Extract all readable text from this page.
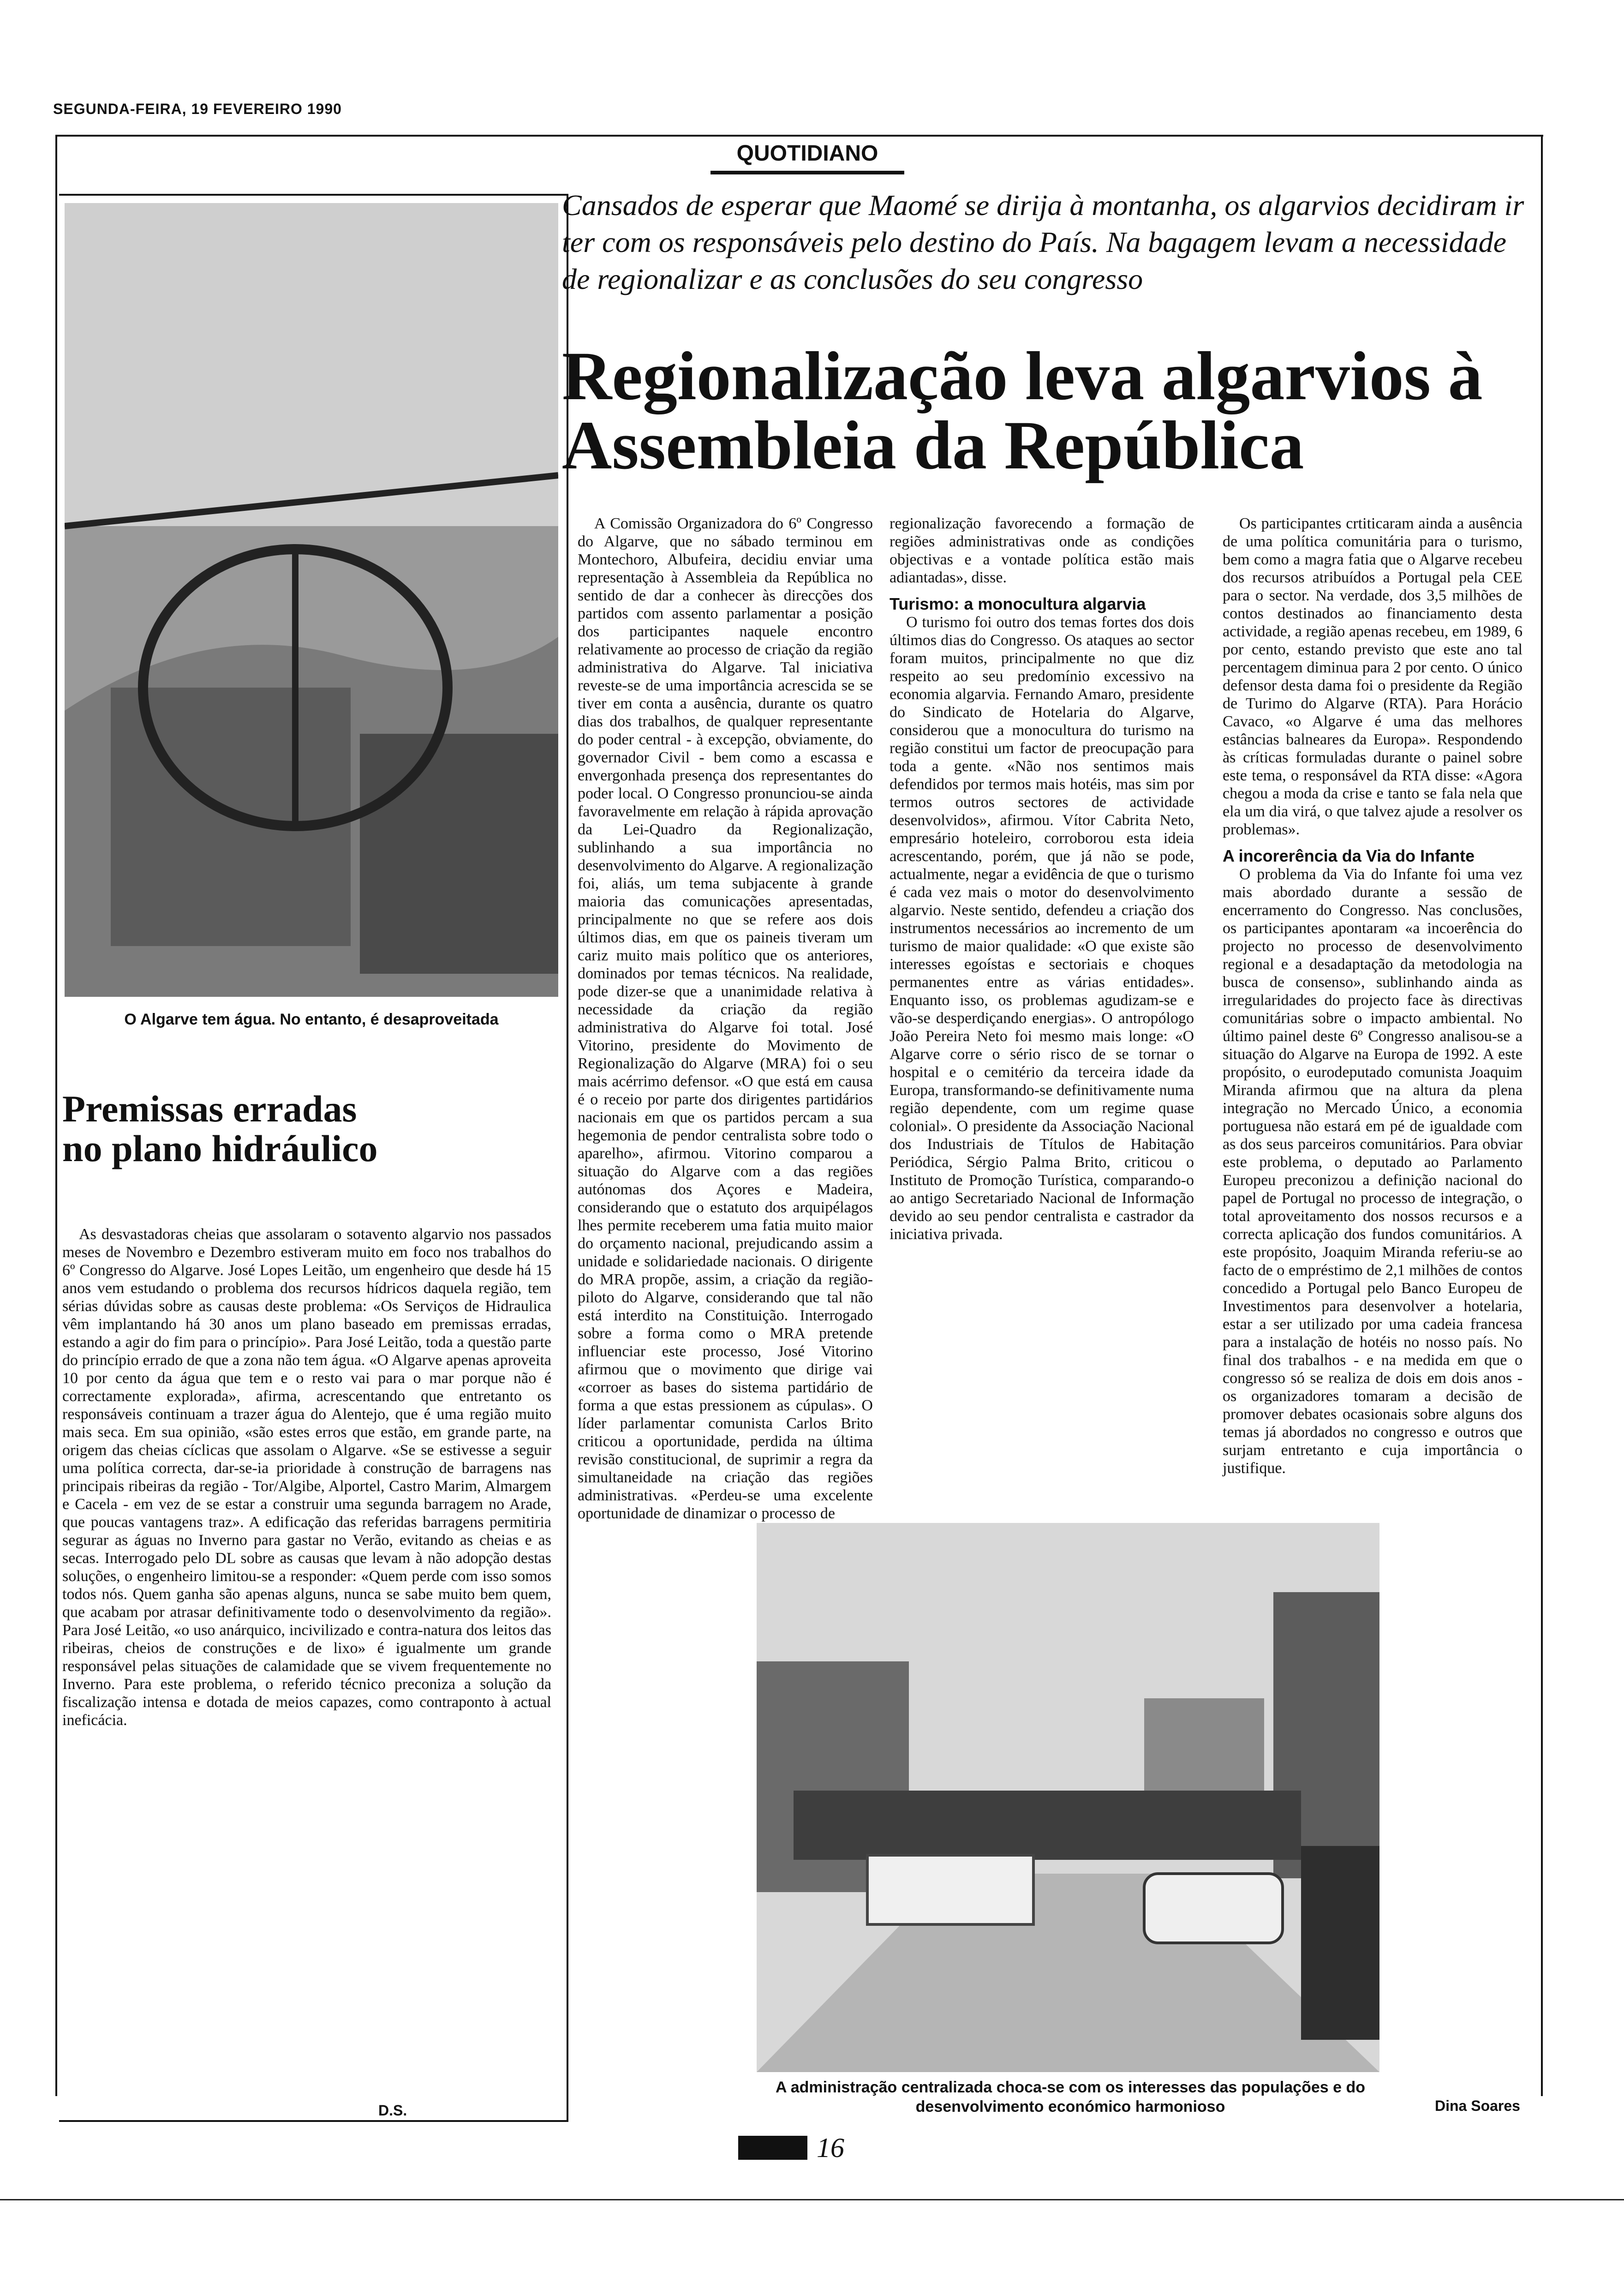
SEGUNDA-FEIRA, 19 FEVEREIRO 1990
QUOTIDIANO
O Algarve tem água. No entanto, é desaproveitada
Premissas erradas no plano hidráulico

As desvastadoras cheias que assolaram o sotavento algarvio nos passados meses de Novembro e Dezembro estiveram muito em foco nos trabalhos do 6º Congresso do Algarve. José Lopes Leitão, um engenheiro que desde há 15 anos vem estudando o problema dos recursos hídricos daquela região, tem sérias dúvidas sobre as causas deste problema: «Os Serviços de Hidraulica vêm implantando há 30 anos um plano baseado em premissas erradas, estando a agir do fim para o princípio». Para José Leitão, toda a questão parte do princípio errado de que a zona não tem água. «O Algarve apenas aproveita 10 por cento da água que tem e o resto vai para o mar porque não é correctamente explorada», afirma, acrescentando que entretanto os responsáveis continuam a trazer água do Alentejo, que é uma região muito mais seca. Em sua opinião, «são estes erros que estão, em grande parte, na origem das cheias cíclicas que assolam o Algarve. «Se se estivesse a seguir uma política correcta, dar-se-ia prioridade à construção de barragens nas principais ribeiras da região - Tor/Algibe, Alportel, Castro Marim, Almargem e Cacela - em vez de se estar a construir uma segunda barragem no Arade, que poucas vantagens traz». A edificação das referidas barragens permitiria segurar as águas no Inverno para gastar no Verão, evitando as cheias e as secas. Interrogado pelo DL sobre as causas que levam à não adopção destas soluções, o engenheiro limitou-se a responder: «Quem perde com isso somos todos nós. Quem ganha são apenas alguns, nunca se sabe muito bem quem, que acabam por atrasar definitivamente todo o desenvolvimento da região». Para José Leitão, «o uso anárquico, incivilizado e contra-natura dos leitos das ribeiras, cheios de construções e de lixo» é igualmente um grande responsável pelas situações de calamidade que se vivem frequentemente no Inverno. Para este problema, o referido técnico preconiza a solução da fiscalização intensa e dotada de meios capazes, como contraponto à actual ineficácia.

D.S.
Cansados de esperar que Maomé se dirija à montanha, os algarvios decidiram ir ter com os responsáveis pelo destino do País. Na bagagem levam a necessidade de regionalizar e as conclusões do seu congresso
Regionalização leva algarvios à Assembleia da República

A Comissão Organizadora do 6º Congresso do Algarve, que no sábado terminou em Montechoro, Albufeira, decidiu enviar uma representação à Assembleia da República no sentido de dar a conhecer às direcções dos partidos com assento parlamentar a posição dos participantes naquele encontro relativamente ao processo de criação da região administrativa do Algarve. Tal iniciativa reveste-se de uma importância acrescida se se tiver em conta a ausência, durante os quatro dias dos trabalhos, de qualquer representante do poder central - à excepção, obviamente, do governador Civil - bem como a escassa e envergonhada presença dos representantes do poder local. O Congresso pronunciou-se ainda favoravelmente em relação à rápida aprovação da Lei-Quadro da Regionalização, sublinhando a sua importância no desenvolvimento do Algarve. A regionalização foi, aliás, um tema subjacente à grande maioria das comunicações apresentadas, principalmente no que se refere aos dois últimos dias, em que os paineis tiveram um cariz muito mais político que os anteriores, dominados por temas técnicos. Na realidade, pode dizer-se que a unanimidade relativa à necessidade da criação da região administrativa do Algarve foi total. José Vitorino, presidente do Movimento de Regionalização do Algarve (MRA) foi o seu mais acérrimo defensor. «O que está em causa é o receio por parte dos dirigentes partidários nacionais em que os partidos percam a sua hegemonia de pendor centralista sobre todo o aparelho», afirmou. Vitorino comparou a situação do Algarve com a das regiões autónomas dos Açores e Madeira, considerando que o estatuto dos arquipélagos lhes permite receberem uma fatia muito maior do orçamento nacional, prejudicando assim a unidade e solidariedade nacionais. O dirigente do MRA propõe, assim, a criação da região-piloto do Algarve, considerando que tal não está interdito na Constituição. Interrogado sobre a forma como o MRA pretende influenciar este processo, José Vitorino afirmou que o movimento que dirige vai «corroer as bases do sistema partidário de forma a que estas pressionem as cúpulas». O líder parlamentar comunista Carlos Brito criticou a oportunidade, perdida na última revisão constitucional, de suprimir a regra da simultaneidade na criação das regiões administrativas. «Perdeu-se uma excelente oportunidade de dinamizar o processo de

regionalização favorecendo a formação de regiões administrativas onde as condições objectivas e a vontade política estão mais adiantadas», disse.

Turismo: a monocultura algarvia

O turismo foi outro dos temas fortes dos dois últimos dias do Congresso. Os ataques ao sector foram muitos, principalmente no que diz respeito ao seu predomínio excessivo na economia algarvia. Fernando Amaro, presidente do Sindicato de Hotelaria do Algarve, considerou que a monocultura do turismo na região constitui um factor de preocupação para toda a gente. «Não nos sentimos mais defendidos por termos mais hotéis, mas sim por termos outros sectores de actividade desenvolvidos», afirmou. Vítor Cabrita Neto, empresário hoteleiro, corroborou esta ideia acrescentando, porém, que já não se pode, actualmente, negar a evidência de que o turismo é cada vez mais o motor do desenvolvimento algarvio. Neste sentido, defendeu a criação dos instrumentos necessários ao incremento de um turismo de maior qualidade: «O que existe são interesses egoístas e sectoriais e choques permanentes entre as várias entidades». Enquanto isso, os problemas agudizam-se e vão-se desperdiçando energias». O antropólogo João Pereira Neto foi mesmo mais longe: «O Algarve corre o sério risco de se tornar o hospital e o cemitério da terceira idade da Europa, transformando-se definitivamente numa região dependente, com um regime quase colonial». O presidente da Associação Nacional dos Industriais de Títulos de Habitação Periódica, Sérgio Palma Brito, criticou o Instituto de Promoção Turística, comparando-o ao antigo Secretariado Nacional de Informação devido ao seu pendor centralista e castrador da iniciativa privada.

Os participantes crtiticaram ainda a ausência de uma política comunitária para o turismo, bem como a magra fatia que o Algarve recebeu dos recursos atribuídos a Portugal pela CEE para o sector. Na verdade, dos 3,5 milhões de contos destinados ao financiamento desta actividade, a região apenas recebeu, em 1989, 6 por cento, estando previsto que este ano tal percentagem diminua para 2 por cento. O único defensor desta dama foi o presidente da Região de Turimo do Algarve (RTA). Para Horácio Cavaco, «o Algarve é uma das melhores estâncias balneares da Europa». Respondendo às críticas formuladas durante o painel sobre este tema, o responsável da RTA disse: «Agora chegou a moda da crise e tanto se fala nela que ela um dia virá, o que talvez ajude a resolver os problemas».

A incorerência da Via do Infante

O problema da Via do Infante foi uma vez mais abordado durante a sessão de encerramento do Congresso. Nas conclusões, os participantes apontaram «a incoerência do projecto no processo de desenvolvimento regional e a desadaptação da metodologia na busca de consenso», sublinhando ainda as irregularidades do projecto face às directivas comunitárias sobre o impacto ambiental. No último painel deste 6º Congresso analisou-se a situação do Algarve na Europa de 1992. A este propósito, o eurodeputado comunista Joaquim Miranda afirmou que na altura da plena integração no Mercado Único, a economia portuguesa não estará em pé de igualdade com as dos seus parceiros comunitários. Para obviar este problema, o deputado ao Parlamento Europeu preconizou a definição nacional do papel de Portugal no processo de integração, o total aproveitamento dos nossos recursos e a correcta aplicação dos fundos comunitários. A este propósito, Joaquim Miranda referiu-se ao facto de o empréstimo de 2,1 milhões de contos concedido a Portugal pelo Banco Europeu de Investimentos para desenvolver a hotelaria, estar a ser utilizado por uma cadeia francesa para a instalação de hotéis no nosso país. No final dos trabalhos - e na medida em que o congresso só se realiza de dois em dois anos - os organizadores tomaram a decisão de promover debates ocasionais sobre alguns dos temas já abordados no congresso e outros que surjam entretanto e cuja importância o justifique.

Dina Soares
A administração centralizada choca-se com os interesses das populações e do desenvolvimento económico harmonioso
16
